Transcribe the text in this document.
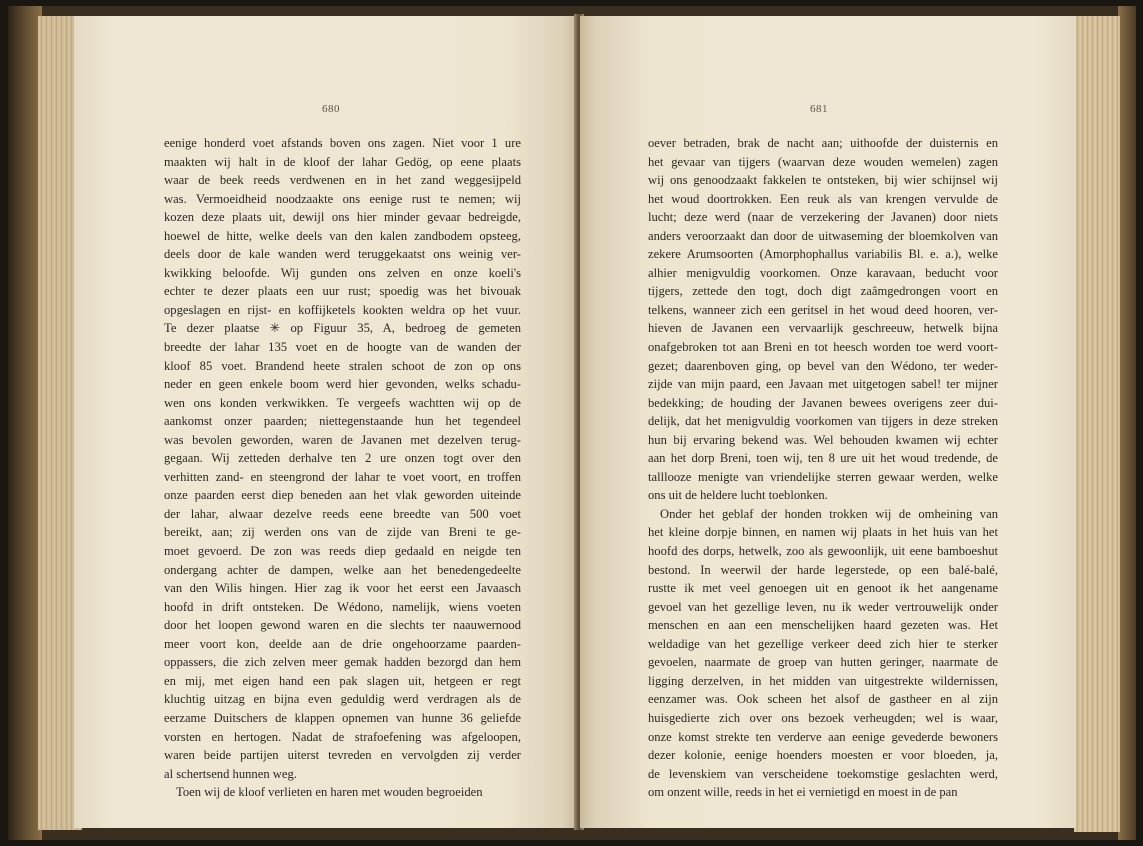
680
eenige honderd voet afstands boven ons zagen. Niet voor 1 ure
maakten wij halt in de kloof der lahar Gedög, op eene plaats
waar de beek reeds verdwenen en in het zand weggesijpeld
was. Vermoeidheid noodzaakte ons eenige rust te nemen; wij
kozen deze plaats uit, dewijl ons hier minder gevaar bedreigde,
hoewel de hitte, welke deels van den kalen zandbodem opsteeg,
deels door de kale wanden werd teruggekaatst ons weinig ver-
kwikking beloofde. Wij gunden ons zelven en onze koeli's
echter te dezer plaats een uur rust; spoedig was het bivouak
opgeslagen en rijst- en koffijketels kookten weldra op het vuur.
Te dezer plaatse ✳ op Figuur 35, A, bedroeg de gemeten
breedte der lahar 135 voet en de hoogte van de wanden der
kloof 85 voet. Brandend heete stralen schoot de zon op ons
neder en geen enkele boom werd hier gevonden, welks schadu-
wen ons konden verkwikken. Te vergeefs wachtten wij op de
aankomst onzer paarden; niettegenstaande hun het tegendeel
was bevolen geworden, waren de Javanen met dezelven terug-
gegaan. Wij zetteden derhalve ten 2 ure onzen togt over den
verhitten zand- en steengrond der lahar te voet voort, en troffen
onze paarden eerst diep beneden aan het vlak geworden uiteinde
der lahar, alwaar dezelve reeds eene breedte van 500 voet
bereikt, aan; zij werden ons van de zijde van Breni te ge-
moet gevoerd. De zon was reeds diep gedaald en neigde ten
ondergang achter de dampen, welke aan het benedengedeelte
van den Wilis hingen. Hier zag ik voor het eerst een Javaasch
hoofd in drift ontsteken. De Wédono, namelijk, wiens voeten
door het loopen gewond waren en die slechts ter naauwernood
meer voort kon, deelde aan de drie ongehoorzame paarden-
oppassers, die zich zelven meer gemak hadden bezorgd dan hem
en mij, met eigen hand een pak slagen uit, hetgeen er regt
kluchtig uitzag en bijna even geduldig werd verdragen als de
eerzame Duitschers de klappen opnemen van hunne 36 geliefde
vorsten en hertogen. Nadat de strafoefening was afgeloopen,
waren beide partijen uiterst tevreden en vervolgden zij verder
al schertsend hunnen weg.
Toen wij de kloof verlieten en haren met wouden begroeiden
681
oever betraden, brak de nacht aan; uithoofde der duisternis en
het gevaar van tijgers (waarvan deze wouden wemelen) zagen
wij ons genoodzaakt fakkelen te ontsteken, bij wier schijnsel wij
het woud doortrokken. Een reuk als van krengen vervulde de
lucht; deze werd (naar de verzekering der Javanen) door niets
anders veroorzaakt dan door de uitwaseming der bloemkolven van
zekere Arumsoorten (Amorphophallus variabilis Bl. e. a.), welke
alhier menigvuldig voorkomen. Onze karavaan, beducht voor
tijgers, zettede den togt, doch digt zaâmgedrongen voort en
telkens, wanneer zich een geritsel in het woud deed hooren, ver-
hieven de Javanen een vervaarlijk geschreeuw, hetwelk bijna
onafgebroken tot aan Breni en tot heesch worden toe werd voort-
gezet; daarenboven ging, op bevel van den Wédono, ter weder-
zijde van mijn paard, een Javaan met uitgetogen sabel! ter mijner
bedekking; de houding der Javanen bewees overigens zeer dui-
delijk, dat het menigvuldig voorkomen van tijgers in deze streken
hun bij ervaring bekend was. Wel behouden kwamen wij echter
aan het dorp Breni, toen wij, ten 8 ure uit het woud tredende, de
talllooze menigte van vriendelijke sterren gewaar werden, welke
ons uit de heldere lucht toeblonken.
Onder het geblaf der honden trokken wij de omheining van
het kleine dorpje binnen, en namen wij plaats in het huis van het
hoofd des dorps, hetwelk, zoo als gewoonlijk, uit eene bamboeshut
bestond. In weerwil der harde legerstede, op een balé-balé,
rustte ik met veel genoegen uit en genoot ik het aangename
gevoel van het gezellige leven, nu ik weder vertrouwelijk onder
menschen en aan een menschelijken haard gezeten was. Het
weldadige van het gezellige verkeer deed zich hier te sterker
gevoelen, naarmate de groep van hutten geringer, naarmate de
ligging derzelven, in het midden van uitgestrekte wildernissen,
eenzamer was. Ook scheen het alsof de gastheer en al zijn
huisgedierte zich over ons bezoek verheugden; wel is waar,
onze komst strekte ten verderve aan eenige gevederde bewoners
dezer kolonie, eenige hoenders moesten er voor bloeden, ja,
de levenskiem van verscheidene toekomstige geslachten werd,
om onzent wille, reeds in het ei vernietigd en moest in de pan
